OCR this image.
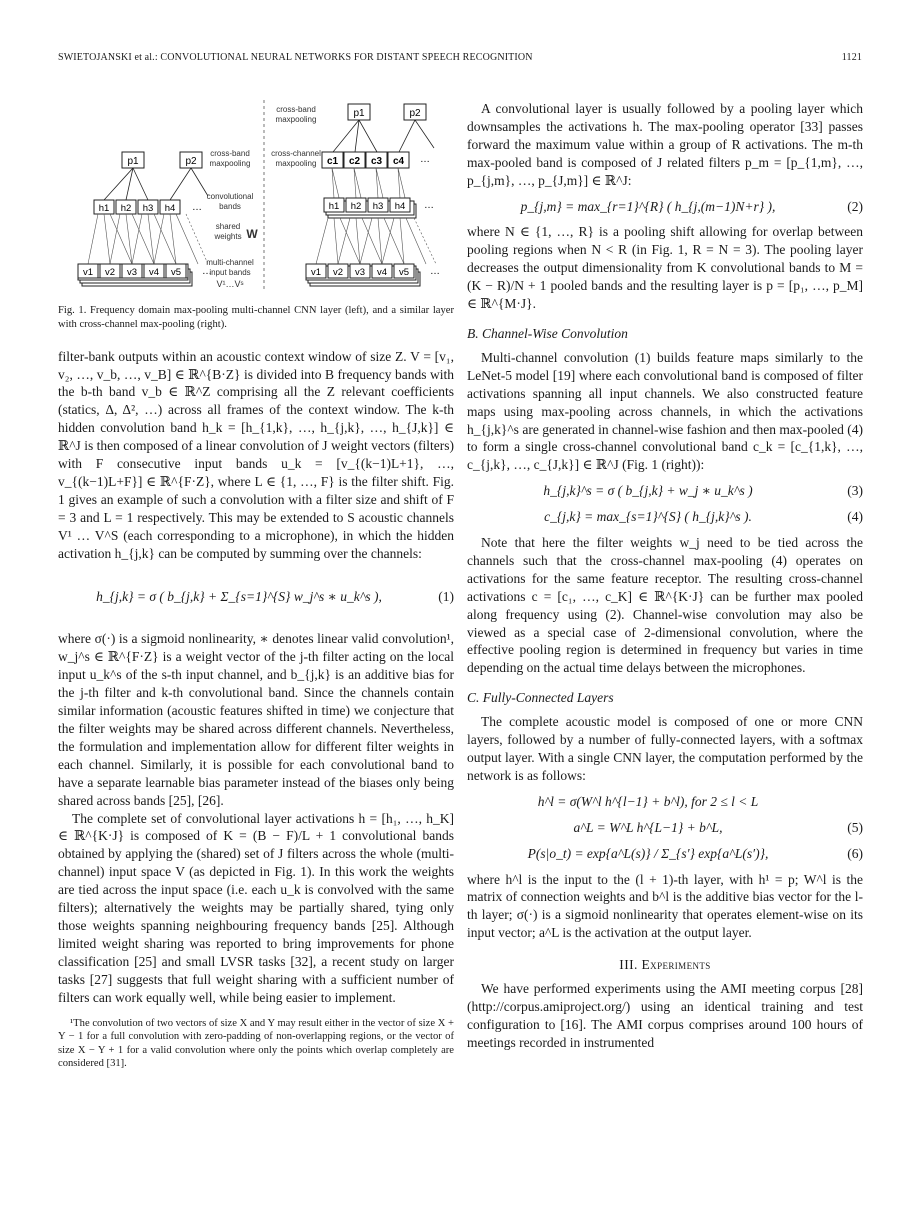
SWIETOJANSKI et al.: CONVOLUTIONAL NEURAL NETWORKS FOR DISTANT SPEECH RECOGNITION	1121
p1	p2
h1 h2 h3 h4 …
v1 v2 v3 v4 v5 …
cross-band
maxpooling
convolutional
bands
shared
weights W
multi-channel
input bands
V¹…Vˢ
cross-band
maxpooling
cross-channel
maxpooling
p1	p2
c1 c2 c3 c4 …
h1 h2 h3 h4 …
v1 v2 v3 v4 v5 …
Fig. 1. Frequency domain max-pooling multi-channel CNN layer (left), and a similar layer with cross-channel max-pooling (right).

filter-bank outputs within an acoustic context window of size Z. V = [v₁, v₂, …, v_b, …, v_B] ∈ ℝ^{B·Z} is divided into B frequency bands with the b-th band v_b ∈ ℝ^Z comprising all the Z relevant coefficients (statics, Δ, Δ², …) across all frames of the context window. The k-th hidden convolution band h_k = [h_{1,k}, …, h_{j,k}, …, h_{J,k}] ∈ ℝ^J is then composed of a linear convolution of J weight vectors (filters) with F consecutive input bands u_k = [v_{(k−1)L+1}, …, v_{(k−1)L+F}] ∈ ℝ^{F·Z}, where L ∈ {1, …, F} is the filter shift. Fig. 1 gives an example of such a convolution with a filter size and shift of F = 3 and L = 1 respectively. This may be extended to S acoustic channels V¹ … V^S (each corresponding to a microphone), in which the hidden activation h_{j,k} can be computed by summing over the channels:

h_{j,k} = σ ( b_{j,k} + Σ_{s=1}^{S} w_j^s ∗ u_k^s ),	(1)

where σ(·) is a sigmoid nonlinearity, ∗ denotes linear valid convolution¹, w_j^s ∈ ℝ^{F·Z} is a weight vector of the j-th filter acting on the local input u_k^s of the s-th input channel, and b_{j,k} is an additive bias for the j-th filter and k-th convolutional band. Since the channels contain similar information (acoustic features shifted in time) we conjecture that the filter weights may be shared across different channels. Nevertheless, the formulation and implementation allow for different filter weights in each channel. Similarly, it is possible for each convolutional band to have a separate learnable bias parameter instead of the biases only being shared across bands [25], [26].

The complete set of convolutional layer activations h = [h₁, …, h_K] ∈ ℝ^{K·J} is composed of K = (B − F)/L + 1 convolutional bands obtained by applying the (shared) set of J filters across the whole (multi-channel) input space V (as depicted in Fig. 1). In this work the weights are tied across the input space (i.e. each u_k is convolved with the same filters); alternatively the weights may be partially shared, tying only those weights spanning neighbouring frequency bands [25]. Although limited weight sharing was reported to bring improvements for phone classification [25] and small LVSR tasks [32], a recent study on larger tasks [27] suggests that full weight sharing with a sufficient number of filters can work equally well, while being easier to implement.

¹The convolution of two vectors of size X and Y may result either in the vector of size X + Y − 1 for a full convolution with zero-padding of non-overlapping regions, or the vector of size X − Y + 1 for a valid convolution where only the points which overlap completely are considered [31].

A convolutional layer is usually followed by a pooling layer which downsamples the activations h. The max-pooling operator [33] passes forward the maximum value within a group of R activations. The m-th max-pooled band is composed of J related filters p_m = [p_{1,m}, …, p_{j,m}, …, p_{J,m}] ∈ ℝ^J:

p_{j,m} = max_{r=1}^{R} ( h_{j,(m−1)N+r} ),	(2)

where N ∈ {1, …, R} is a pooling shift allowing for overlap between pooling regions when N < R (in Fig. 1, R = N = 3). The pooling layer decreases the output dimensionality from K convolutional bands to M = (K − R)/N + 1 pooled bands and the resulting layer is p = [p₁, …, p_M] ∈ ℝ^{M·J}.

B. Channel-Wise Convolution

Multi-channel convolution (1) builds feature maps similarly to the LeNet-5 model [19] where each convolutional band is composed of filter activations spanning all input channels. We also constructed feature maps using max-pooling across channels, in which the activations h_{j,k}^s are generated in channel-wise fashion and then max-pooled (4) to form a single cross-channel convolutional band c_k = [c_{1,k}, …, c_{j,k}, …, c_{J,k}] ∈ ℝ^J (Fig. 1 (right)):

h_{j,k}^s = σ ( b_{j,k} + w_j ∗ u_k^s )	(3)
c_{j,k} = max_{s=1}^{S} ( h_{j,k}^s ).	(4)

Note that here the filter weights w_j need to be tied across the channels such that the cross-channel max-pooling (4) operates on activations for the same feature receptor. The resulting cross-channel activations c = [c₁, …, c_K] ∈ ℝ^{K·J} can be further max pooled along frequency using (2). Channel-wise convolution may also be viewed as a special case of 2-dimensional convolution, where the effective pooling region is determined in frequency but varies in time depending on the actual time delays between the microphones.

C. Fully-Connected Layers

The complete acoustic model is composed of one or more CNN layers, followed by a number of fully-connected layers, with a softmax output layer. With a single CNN layer, the computation performed by the network is as follows:

h^l = σ(W^l h^{l−1} + b^l), for 2 ≤ l < L
a^L = W^L h^{L−1} + b^L,	(5)
P(s|o_t) = exp{a^L(s)} / Σ_{s′} exp{a^L(s′)},	(6)

where h^l is the input to the (l + 1)-th layer, with h¹ = p; W^l is the matrix of connection weights and b^l is the additive bias vector for the l-th layer; σ(·) is a sigmoid nonlinearity that operates element-wise on its input vector; a^L is the activation at the output layer.

III. Experiments

We have performed experiments using the AMI meeting corpus [28] (http://corpus.amiproject.org/) using an identical training and test configuration to [16]. The AMI corpus comprises around 100 hours of meetings recorded in instrumented
